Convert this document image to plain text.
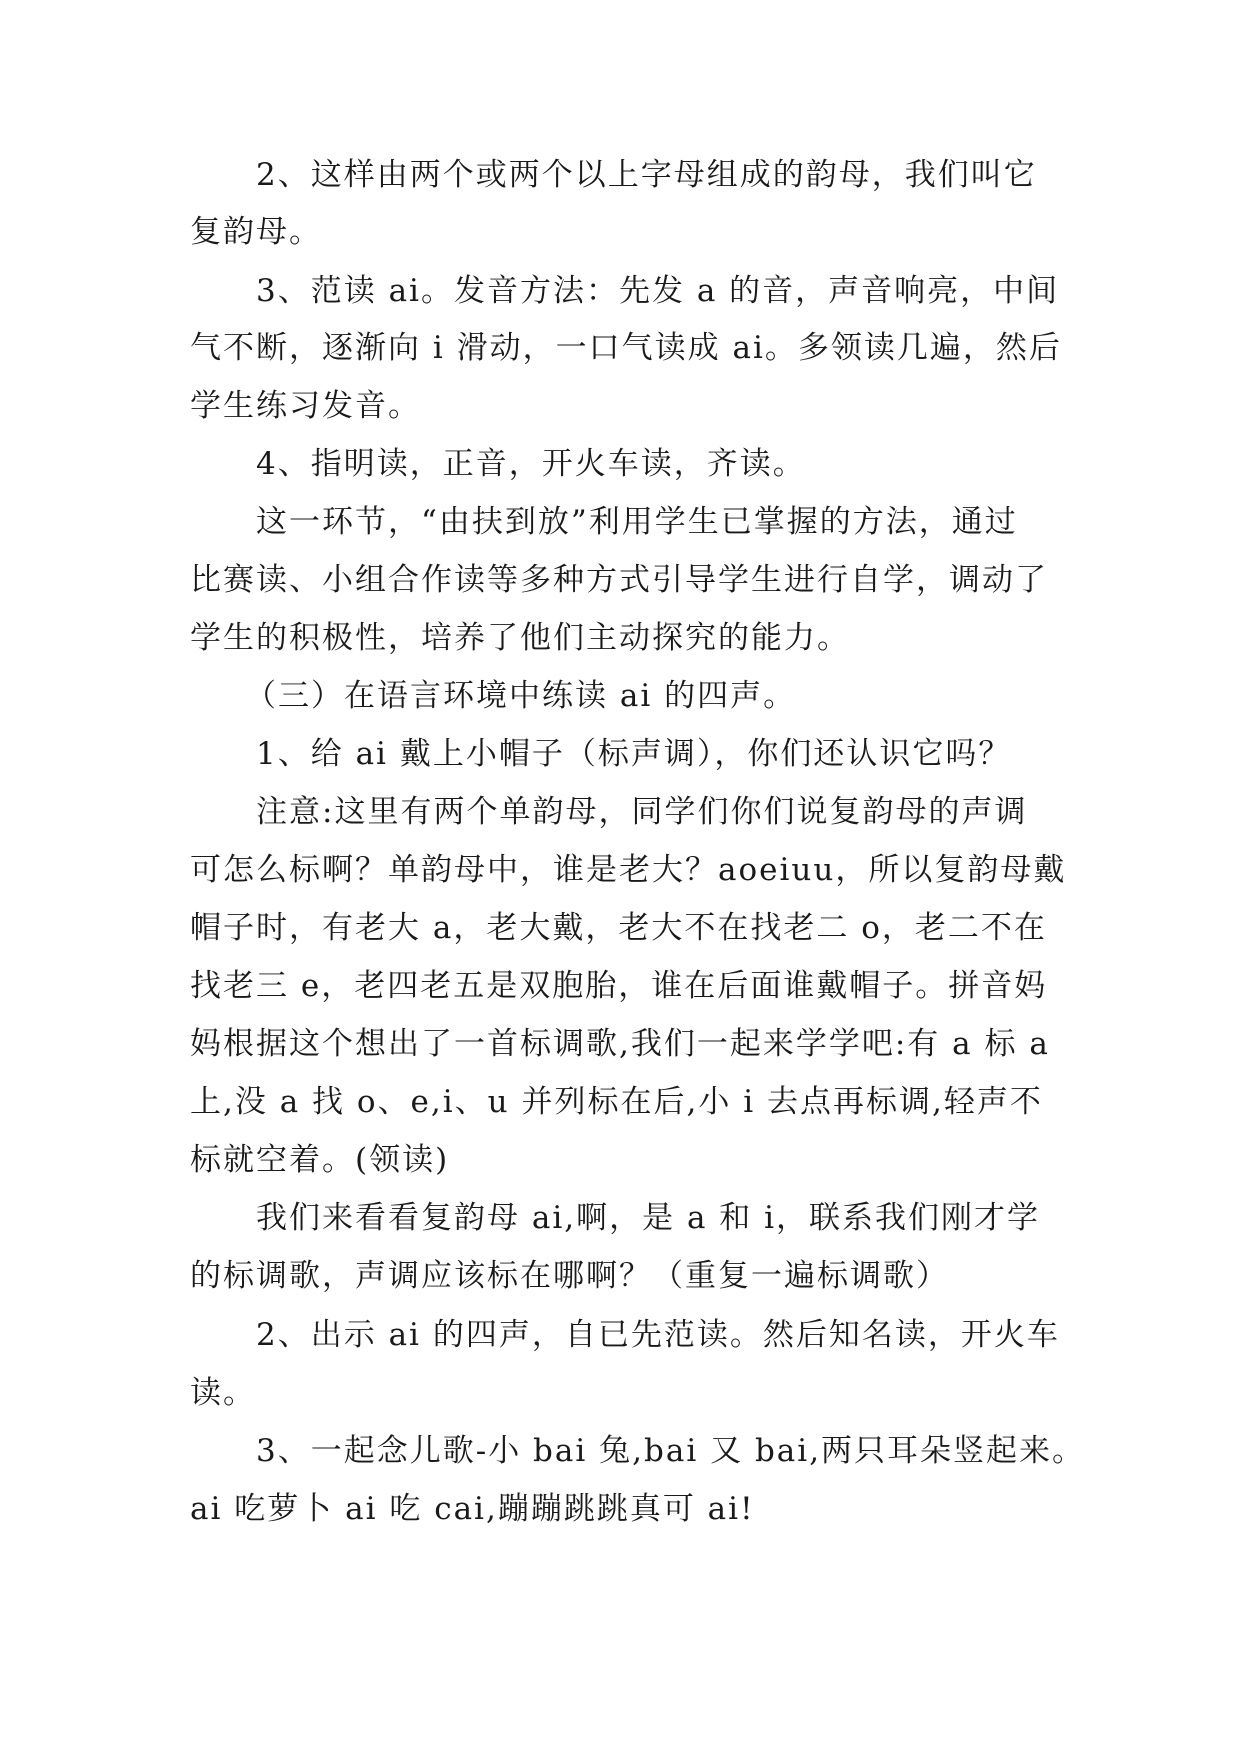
2、这样由两个或两个以上字母组成的韵母，我们叫它
复韵母。
3、范读 ai。发音方法：先发 a 的音，声音响亮，中间
气不断，逐渐向 i 滑动，一口气读成 ai。多领读几遍，然后
学生练习发音。
4、指明读，正音，开火车读，齐读。
这一环节，“由扶到放”利用学生已掌握的方法，通过
比赛读、小组合作读等多种方式引导学生进行自学，调动了
学生的积极性，培养了他们主动探究的能力。
（三）在语言环境中练读 ai 的四声。
1、给 ai 戴上小帽子（标声调），你们还认识它吗？
注意:这里有两个单韵母，同学们你们说复韵母的声调
可怎么标啊？单韵母中，谁是老大？aoeiuu，所以复韵母戴
帽子时，有老大 a，老大戴，老大不在找老二 o，老二不在
找老三 e，老四老五是双胞胎，谁在后面谁戴帽子。拼音妈
妈根据这个想出了一首标调歌,我们一起来学学吧:有 a 标 a
上,没 a 找 o、e,i、u 并列标在后,小 i 去点再标调,轻声不
标就空着。(领读)
我们来看看复韵母 ai,啊，是 a 和 i，联系我们刚才学
的标调歌，声调应该标在哪啊？（重复一遍标调歌）
2、出示 ai 的四声，自已先范读。然后知名读，开火车
读。
3、一起念儿歌-小 bai 兔,bai 又 bai,两只耳朵竖起来。
ai 吃萝卜 ai 吃 cai,蹦蹦跳跳真可 ai!
